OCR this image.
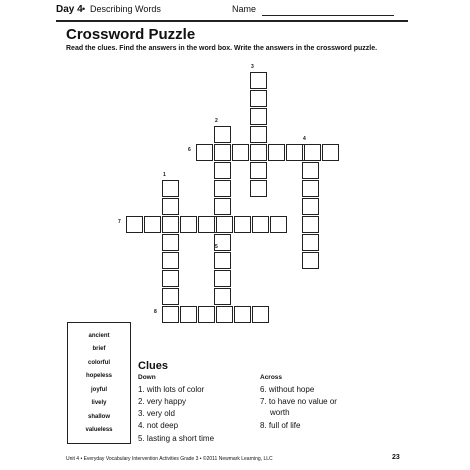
Day 4 • Describing Words	Name
Crossword Puzzle
Read the clues. Find the answers in the word box. Write the answers in the crossword puzzle.
1
2
3
4
5
6
7
8
ancient
brief
colorful
hopeless
joyful
lively
shallow
valueless
Clues
Down
1. with lots of color
2. very happy
3. very old
4. not deep
5. lasting a short time
Across
6. without hope
7. to have no value or
worth
8. full of life
Unit 4 • Everyday Vocabulary Intervention Activities Grade 3 • ©2011 Newmark Learning, LLC	23
